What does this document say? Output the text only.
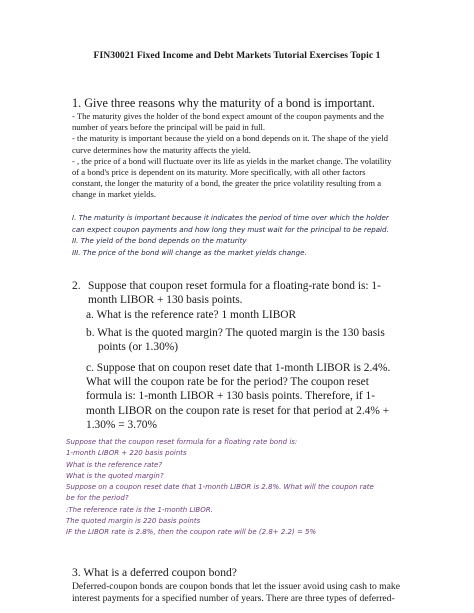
FIN30021 Fixed Income and Debt Markets Tutorial Exercises Topic 1
1. Give three reasons why the maturity of a bond is important.
- The maturity gives the holder of the bond expect amount of the coupon payments and the
number of years before the principal will be paid in full.
- the maturity is important because the yield on a bond depends on it. The shape of the yield
curve determines how the maturity affects the yield.
- , the price of a bond will fluctuate over its life as yields in the market change. The volatility
of a bond's price is dependent on its maturity. More specifically, with all other factors
constant, the longer the maturity of a bond, the greater the price volatility resulting from a
change in market yields.
I. The maturity is important because it indicates the period of time over which the holder
can expect coupon payments and how long they must wait for the principal to be repaid.
II. The yield of the bond depends on the maturity
III. The price of the bond will change as the market yields change.
2. Suppose that coupon reset formula for a floating-rate bond is: 1-month LIBOR + 130 basis points.
a. What is the reference rate? 1 month LIBOR
b. What is the quoted margin? The quoted margin is the 130 basis
points (or 1.30%)
c. Suppose that on coupon reset date that 1-month LIBOR is 2.4%.
What will the coupon rate be for the period? The coupon reset
formula is: 1-month LIBOR + 130 basis points. Therefore, if 1-
month LIBOR on the coupon rate is reset for that period at 2.4% +
1.30% = 3.70%
Suppose that the coupon reset formula for a floating rate bond is:
1-month LIBOR + 220 basis points
What is the reference rate?
What is the quoted margin?
Suppose on a coupon reset date that 1-month LIBOR is 2.8%. What will the coupon rate
be for the period?
:The reference rate is the 1-month LIBOR.
The quoted margin is 220 basis points
IF the LIBOR rate is 2.8%, then the coupon rate will be (2.8+ 2.2) = 5%
3. What is a deferred coupon bond?
Deferred-coupon bonds are coupon bonds that let the issuer avoid using cash to make
interest payments for a specified number of years. There are three types of deferred-
